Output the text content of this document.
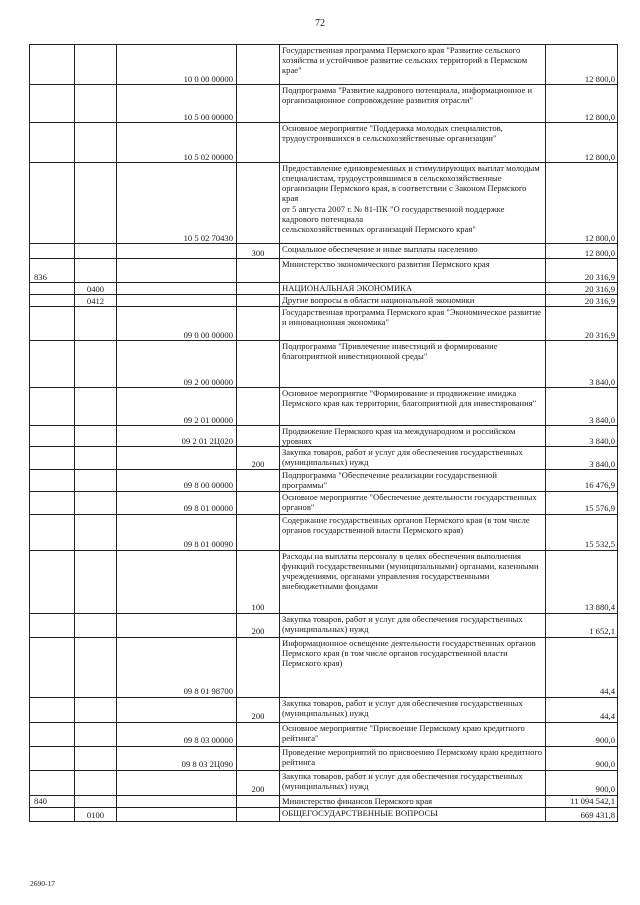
72
		10 0 00 00000		Государственная программа Пермского края "Развитие сельского хозяйства и устойчивое развитие сельских территорий в Пермском крае"	12 800,0
		10 5 00 00000		Подпрограмма "Развитие кадрового потенциала, информационное и организационное сопровождение развития отрасли"	12 800,0
		10 5 02 00000		Основное мероприятие "Поддержка молодых специалистов, трудоустроившихся в сельскохозяйственные организации"	12 800,0
		10 5 02 70430		Предоставление единовременных и стимулирующих выплат молодым специалистам, трудоустроившимся в сельскохозяйственные организации Пермского края, в соответствии с Законом Пермского края
от 5 августа 2007 г. № 81-ПК "О государственной поддержке кадрового потенциала
сельскохозяйственных организаций Пермского края"	12 800,0
			300	Социальное обеспечение и иные выплаты населению	12 800,0
836				Министерство экономического развития Пермского края	20 316,9
	0400			НАЦИОНАЛЬНАЯ ЭКОНОМИКА	20 316,9
	0412			Другие вопросы в области национальной экономики	20 316,9
		09 0 00 00000		Государственная программа Пермского края "Экономическое развитие и инновационная экономика"	20 316,9
		09 2 00 00000		Подпрограмма "Привлечение инвестиций и формирование благоприятной инвестиционной среды"	3 840,0
		09 2 01 00000		Основное мероприятие "Формирование и продвижение имиджа Пермского края как территории, благоприятной для инвестирования"	3 840,0
		09 2 01 2Ц020		Продвижение Пермского края на международном и российском уровнях	3 840,0
			200	Закупка товаров, работ и услуг для обеспечения государственных (муниципальных) нужд	3 840,0
		09 8 00 00000		Подпрограмма "Обеспечение реализации государственной программы"	16 476,9
		09 8 01 00000		Основное мероприятие "Обеспечение деятельности государственных органов"	15 576,9
		09 8 01 00090		Содержание государственных органов Пермского края (в том числе органов государственной власти Пермского края)	15 532,5
			100	Расходы на выплаты персоналу в целях обеспечения выполнения функций государственными (муниципальными) органами, казенными учреждениями, органами управления государственными внебюджетными фондами	13 880,4
			200	Закупка товаров, работ и услуг для обеспечения государственных (муниципальных) нужд	1 652,1
		09 8 01 98700		Информационное освещение деятельности государственных органов Пермского края (в том числе органов государственной власти Пермского края)	44,4
			200	Закупка товаров, работ и услуг для обеспечения государственных (муниципальных) нужд	44,4
		09 8 03 00000		Основное мероприятие "Присвоение Пермскому краю кредитного рейтинга"	900,0
		09 8 03 2Ц090		Проведение мероприятий по присвоению Пермскому краю кредитного рейтинга	900,0
			200	Закупка товаров, работ и услуг для обеспечения государственных (муниципальных) нужд	900,0
840				Министерство финансов Пермского края	11 094 542,1
	0100			ОБЩЕГОСУДАРСТВЕННЫЕ ВОПРОСЫ	669 431,8
2690-17
